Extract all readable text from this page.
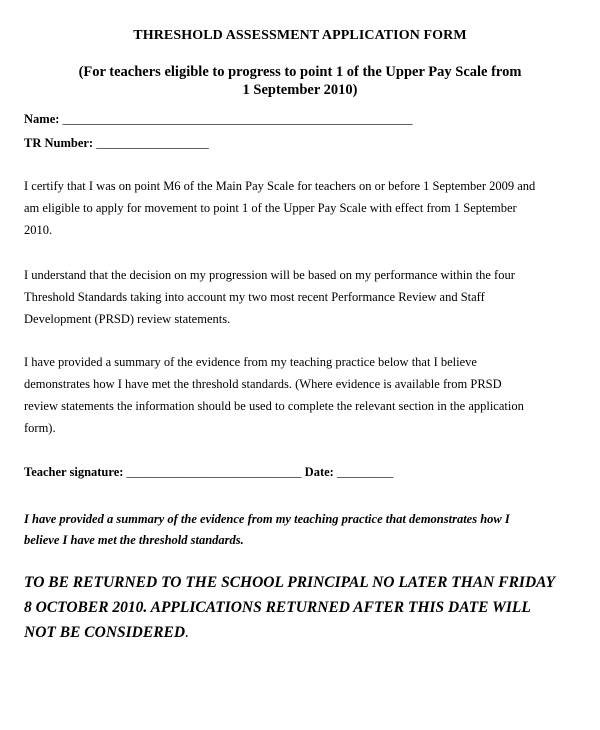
THRESHOLD ASSESSMENT APPLICATION FORM
(For teachers eligible to progress to point 1 of the Upper Pay Scale from
1 September 2010)
Name: ________________________________________________________
TR Number: __________________
I certify that I was on point M6 of the Main Pay Scale for teachers on or before 1 September 2009 and
am eligible to apply for movement to point 1 of the Upper Pay Scale with effect from 1 September
2010.
I understand that the decision on my progression will be based on my performance within the four
Threshold Standards taking into account my two most recent Performance Review and Staff
Development (PRSD) review statements.
I have provided a summary of the evidence from my teaching practice below that I believe
demonstrates how I have met the threshold standards. (Where evidence is available from PRSD
review statements the information should be used to complete the relevant section in the application
form).
Teacher signature: ____________________________ Date: _________
I have provided a summary of the evidence from my teaching practice that demonstrates how I
believe I have met the threshold standards.
TO BE RETURNED TO THE SCHOOL PRINCIPAL NO LATER THAN FRIDAY
8 OCTOBER 2010. APPLICATIONS RETURNED AFTER THIS DATE WILL
NOT BE CONSIDERED.
